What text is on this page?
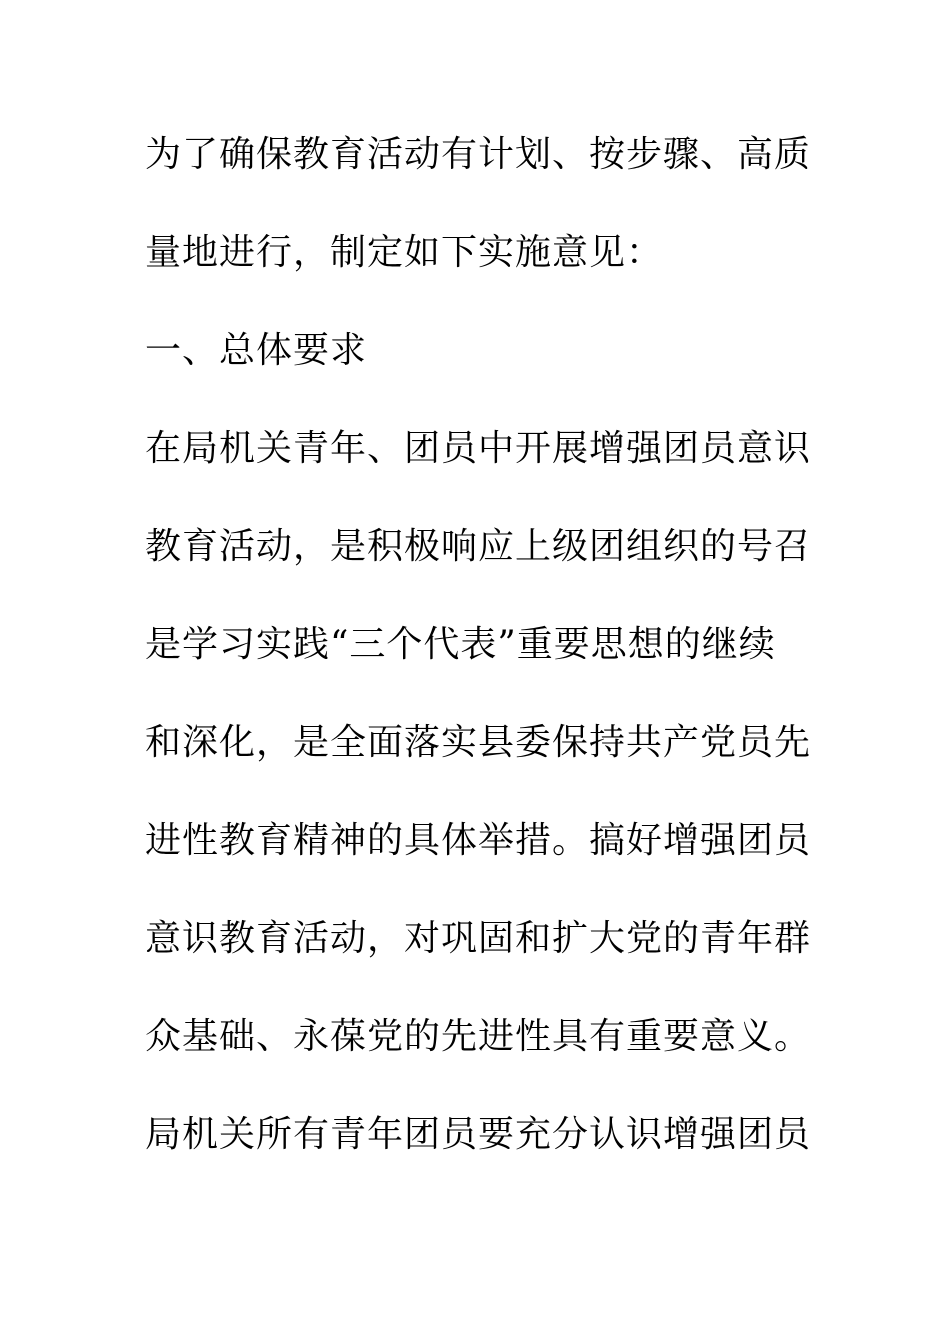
为了确保教育活动有计划、按步骤、高质
量地进行，制定如下实施意见：
一、总体要求
在局机关青年、团员中开展增强团员意识
教育活动，是积极响应上级团组织的号召
是学习实践“三个代表”重要思想的继续
和深化，是全面落实县委保持共产党员先
进性教育精神的具体举措。搞好增强团员
意识教育活动，对巩固和扩大党的青年群
众基础、永葆党的先进性具有重要意义。
局机关所有青年团员要充分认识增强团员
